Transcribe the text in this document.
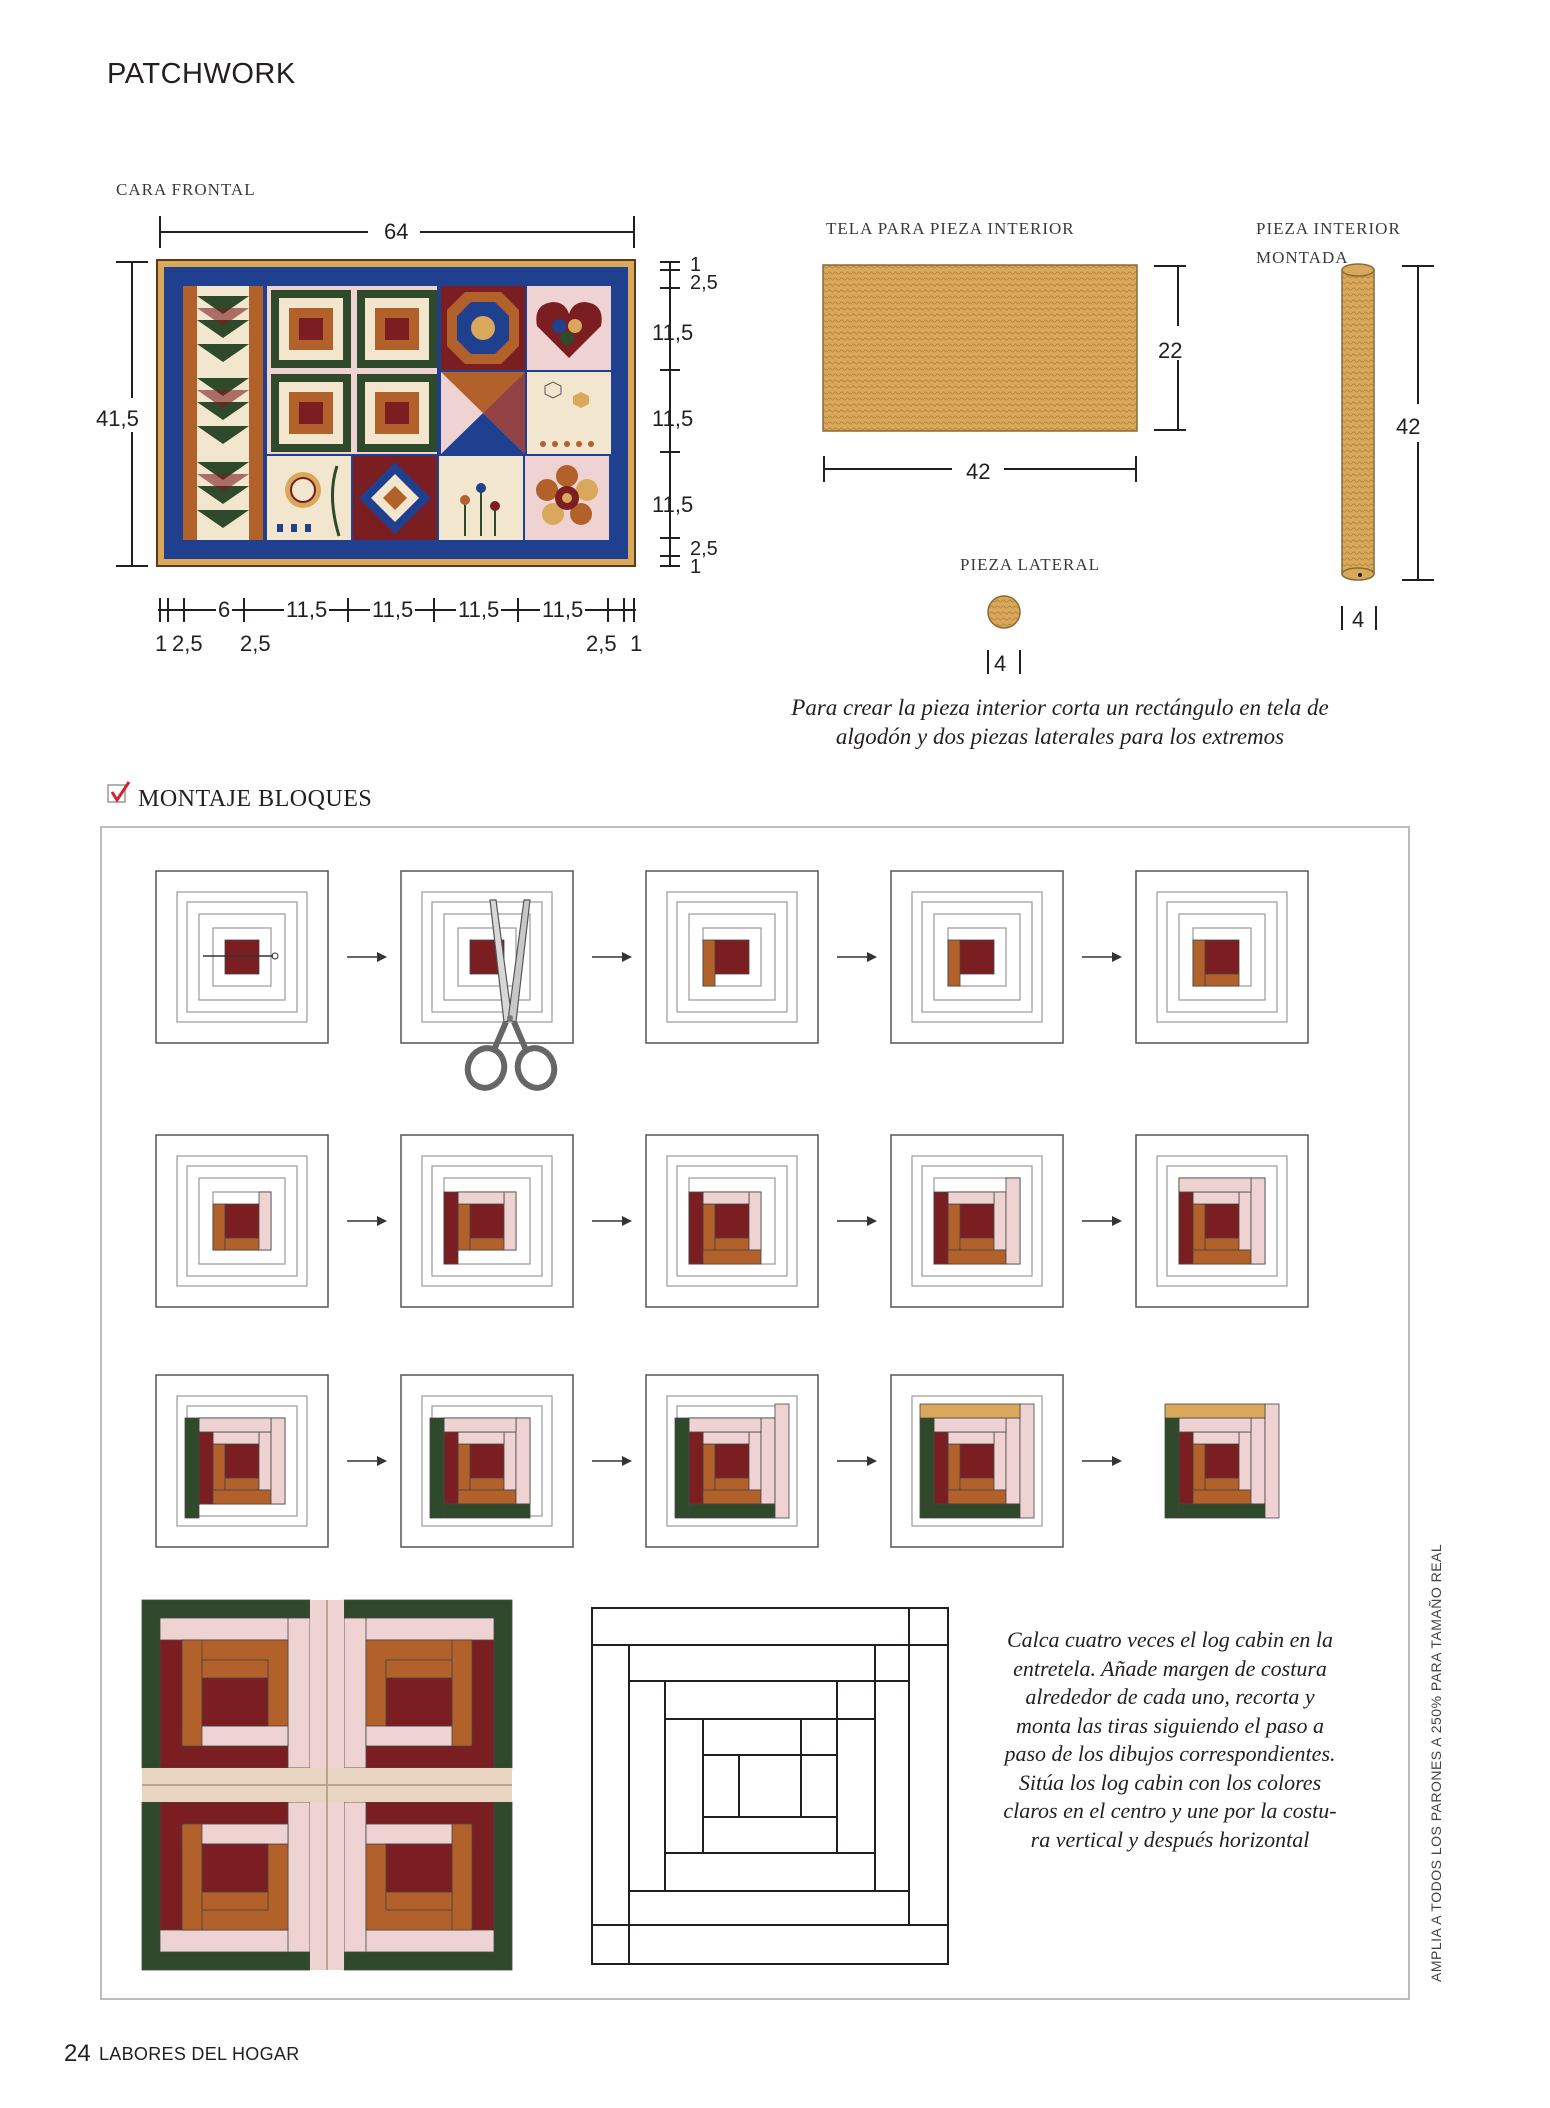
PATCHWORK
CARA FRONTAL
64
41,5
1
2,5
11,5
11,5
11,5
2,5
1
6	11,5 11,5 11,5 11,5
1 2,5 2,5	2,5 1
TELA PARA PIEZA INTERIOR
22
42
PIEZA INTERIOR
MONTADA
42
4
PIEZA LATERAL
4
Para crear la pieza interior corta un rectángulo en tela de
algodón y dos piezas laterales para los extremos
MONTAJE BLOQUES
Calca cuatro veces el log cabin en la
entretela. Añade margen de costura
alrededor de cada uno, recorta y
monta las tiras siguiendo el paso a
paso de los dibujos correspondientes.
Sitúa los log cabin con los colores
claros en el centro y une por la costu-
ra vertical y después horizontal	AMPLIA A TODOS LOS PARONES A 250% PARA TAMAÑO REAL
24 LABORES DEL HOGAR
